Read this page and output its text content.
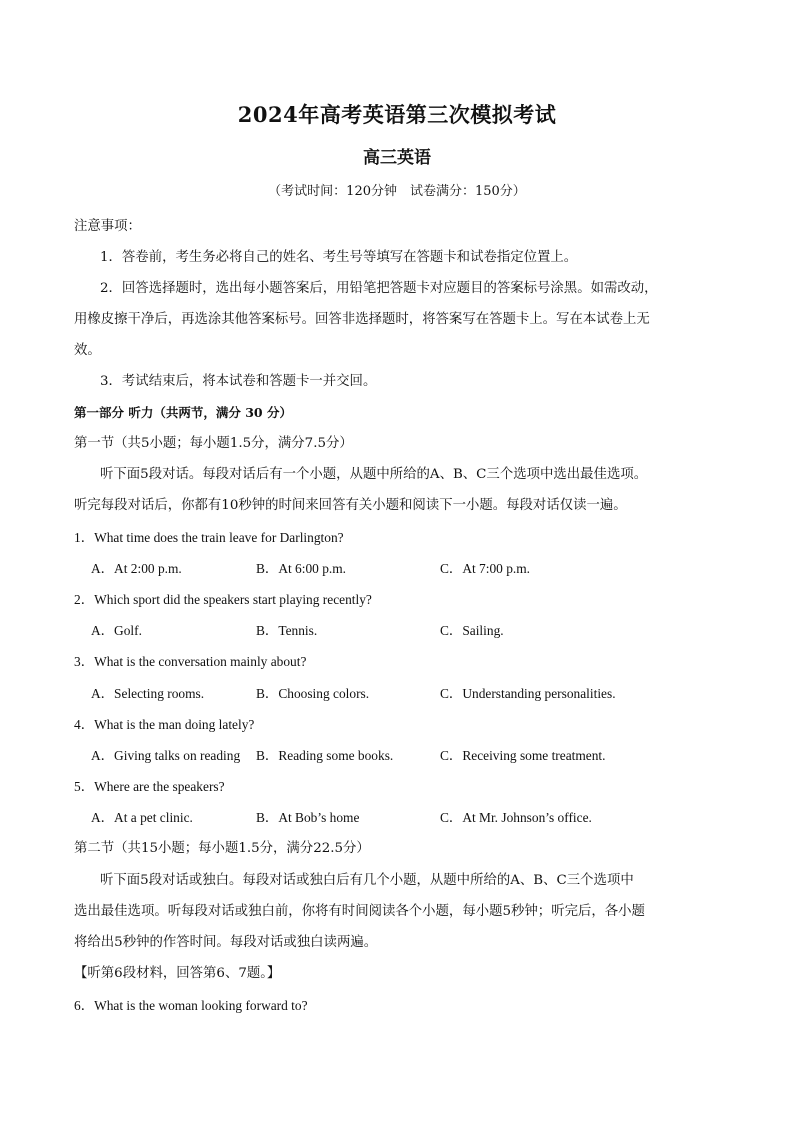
2024年高考英语第三次模拟考试
高三英语
（考试时间：120分钟　试卷满分：150分）
注意事项：
1．答卷前，考生务必将自己的姓名、考生号等填写在答题卡和试卷指定位置上。
2．回答选择题时，选出每小题答案后，用铅笔把答题卡对应题目的答案标号涂黑。如需改动，
用橡皮擦干净后，再选涂其他答案标号。回答非选择题时，将答案写在答题卡上。写在本试卷上无
效。
3．考试结束后，将本试卷和答题卡一并交回。
第一部分 听力（共两节，满分 30 分）
第一节（共5小题；每小题1.5分，满分7.5分）
听下面5段对话。每段对话后有一个小题，从题中所给的A、B、C三个选项中选出最佳选项。
听完每段对话后，你都有10秒钟的时间来回答有关小题和阅读下一小题。每段对话仅读一遍。
1．What time does the train leave for Darlington?
A．At 2:00 p.m.	B．At 6:00 p.m.	C．At 7:00 p.m.
2．Which sport did the speakers start playing recently?
A．Golf.	B．Tennis.	C．Sailing.
3．What is the conversation mainly about?
A．Selecting rooms.	B．Choosing colors.	C．Understanding personalities.
4．What is the man doing lately?
A．Giving talks on reading B．Reading some books.	C．Receiving some treatment.
5．Where are the speakers?
A．At a pet clinic.	B．At Bob’s home	C．At Mr. Johnson’s office.
第二节（共15小题；每小题1.5分，满分22.5分）
听下面5段对话或独白。每段对话或独白后有几个小题，从题中所给的A、B、C三个选项中
选出最佳选项。听每段对话或独白前，你将有时间阅读各个小题，每小题5秒钟；听完后，各小题
将给出5秒钟的作答时间。每段对话或独白读两遍。
【听第6段材料，回答第6、7题。】
6．What is the woman looking forward to?
